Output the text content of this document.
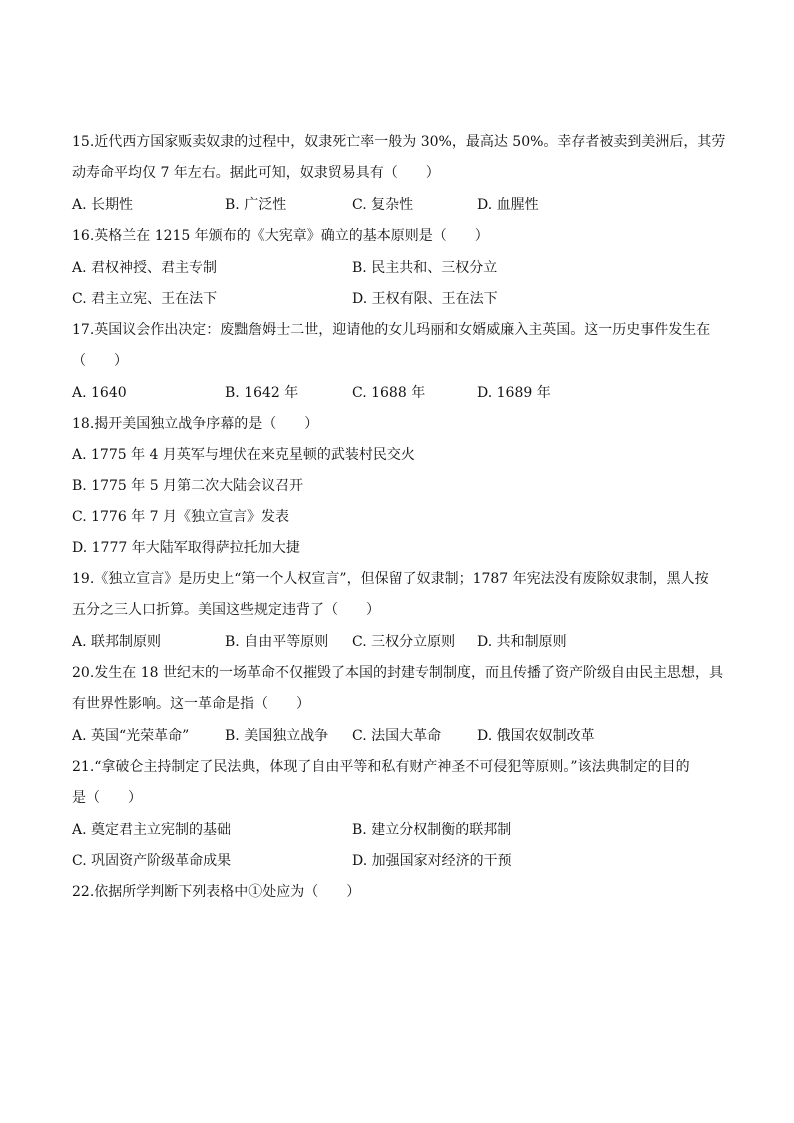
15.近代西方国家贩卖奴隶的过程中，奴隶死亡率一般为 30%，最高达 50%。幸存者被卖到美洲后，其劳
动寿命平均仅 7 年左右。据此可知，奴隶贸易具有（　　）
A. 长期性	B. 广泛性	C. 复杂性	D. 血腥性
16.英格兰在 1215 年颁布的《大宪章》确立的基本原则是（　　）
A. 君权神授、君主专制	B. 民主共和、三权分立
C. 君主立宪、王在法下	D. 王权有限、王在法下
17.英国议会作出决定：废黜詹姆士二世，迎请他的女儿玛丽和女婿威廉入主英国。这一历史事件发生在
（　　）
A. 1640	B. 1642 年	C. 1688 年	D. 1689 年
18.揭开美国独立战争序幕的是（　　）
A. 1775 年 4 月英军与埋伏在来克星顿的武装村民交火
B. 1775 年 5 月第二次大陆会议召开
C. 1776 年 7 月《独立宣言》发表
D. 1777 年大陆军取得萨拉托加大捷
19.《独立宣言》是历史上“第一个人权宣言”，但保留了奴隶制；1787 年宪法没有废除奴隶制，黑人按
五分之三人口折算。美国这些规定违背了（　　）
A. 联邦制原则	B. 自由平等原则 C. 三权分立原则 D. 共和制原则
20.发生在 18 世纪末的一场革命不仅摧毁了本国的封建专制制度，而且传播了资产阶级自由民主思想，具
有世界性影响。这一革命是指（　　）
A. 英国“光荣革命”	B. 美国独立战争 C. 法国大革命	D. 俄国农奴制改革
21.“拿破仑主持制定了民法典，体现了自由平等和私有财产神圣不可侵犯等原则。”该法典制定的目的
是（　　）
A. 奠定君主立宪制的基础	B. 建立分权制衡的联邦制
C. 巩固资产阶级革命成果	D. 加强国家对经济的干预
22.依据所学判断下列表格中①处应为（　　）
